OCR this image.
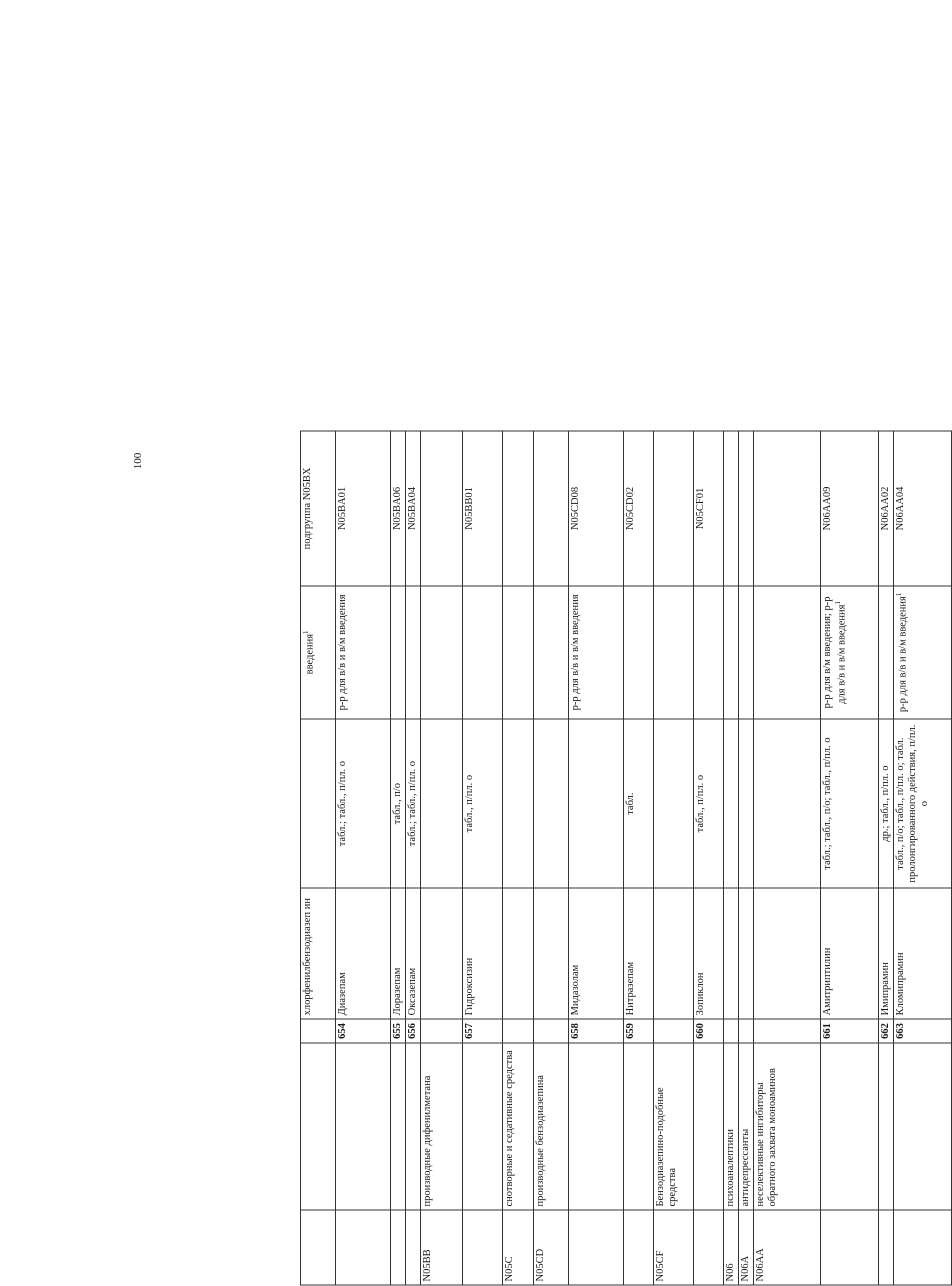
100
			хлорфенилбензодиазеп ин		введения$^1$	подгруппа N05BX
		654	Диазепам	табл.; табл., п/пл. о	р-р для в/в и в/м введения	N05BA01
		655	Лоразепам	табл., п/о		N05BA06
		656	Оксазепам	табл.; табл., п/пл. о		N05BA04
N05BB	производные дифенилметана					
		657	Гидроксизин	табл., п/пл. о		N05BB01
N05C	снотворные и седативные средства					
N05CD	производные бензодиазепина					
		658	Мидазолам		р-р для в/в и в/м введения	N05CD08
		659	Нитразепам	табл.		N05CD02
N05CF	Бензодиазепино-подобные средства					
		660	Зопиклон	табл., п/пл. о		N05CF01
N06	психоаналептики					
N06A	антидепрессанты					
N06AA	неселективные ингибиторы обратного захвата моноаминов					
		661	Амитриптилин	табл.; табл., п/о; табл., п/пл. о	р-р для в/м введения; р-р для в/в и в/м введения$^1$	N06AA09
		662	Имипрамин	др.; табл., п/пл. о		N06AA02
		663	Кломипрамин	табл., п/о; табл., п/пл. о; табл. пролонгированного действия, п/пл. о	р-р для в/в и в/м введения$^1$	N06AA04
